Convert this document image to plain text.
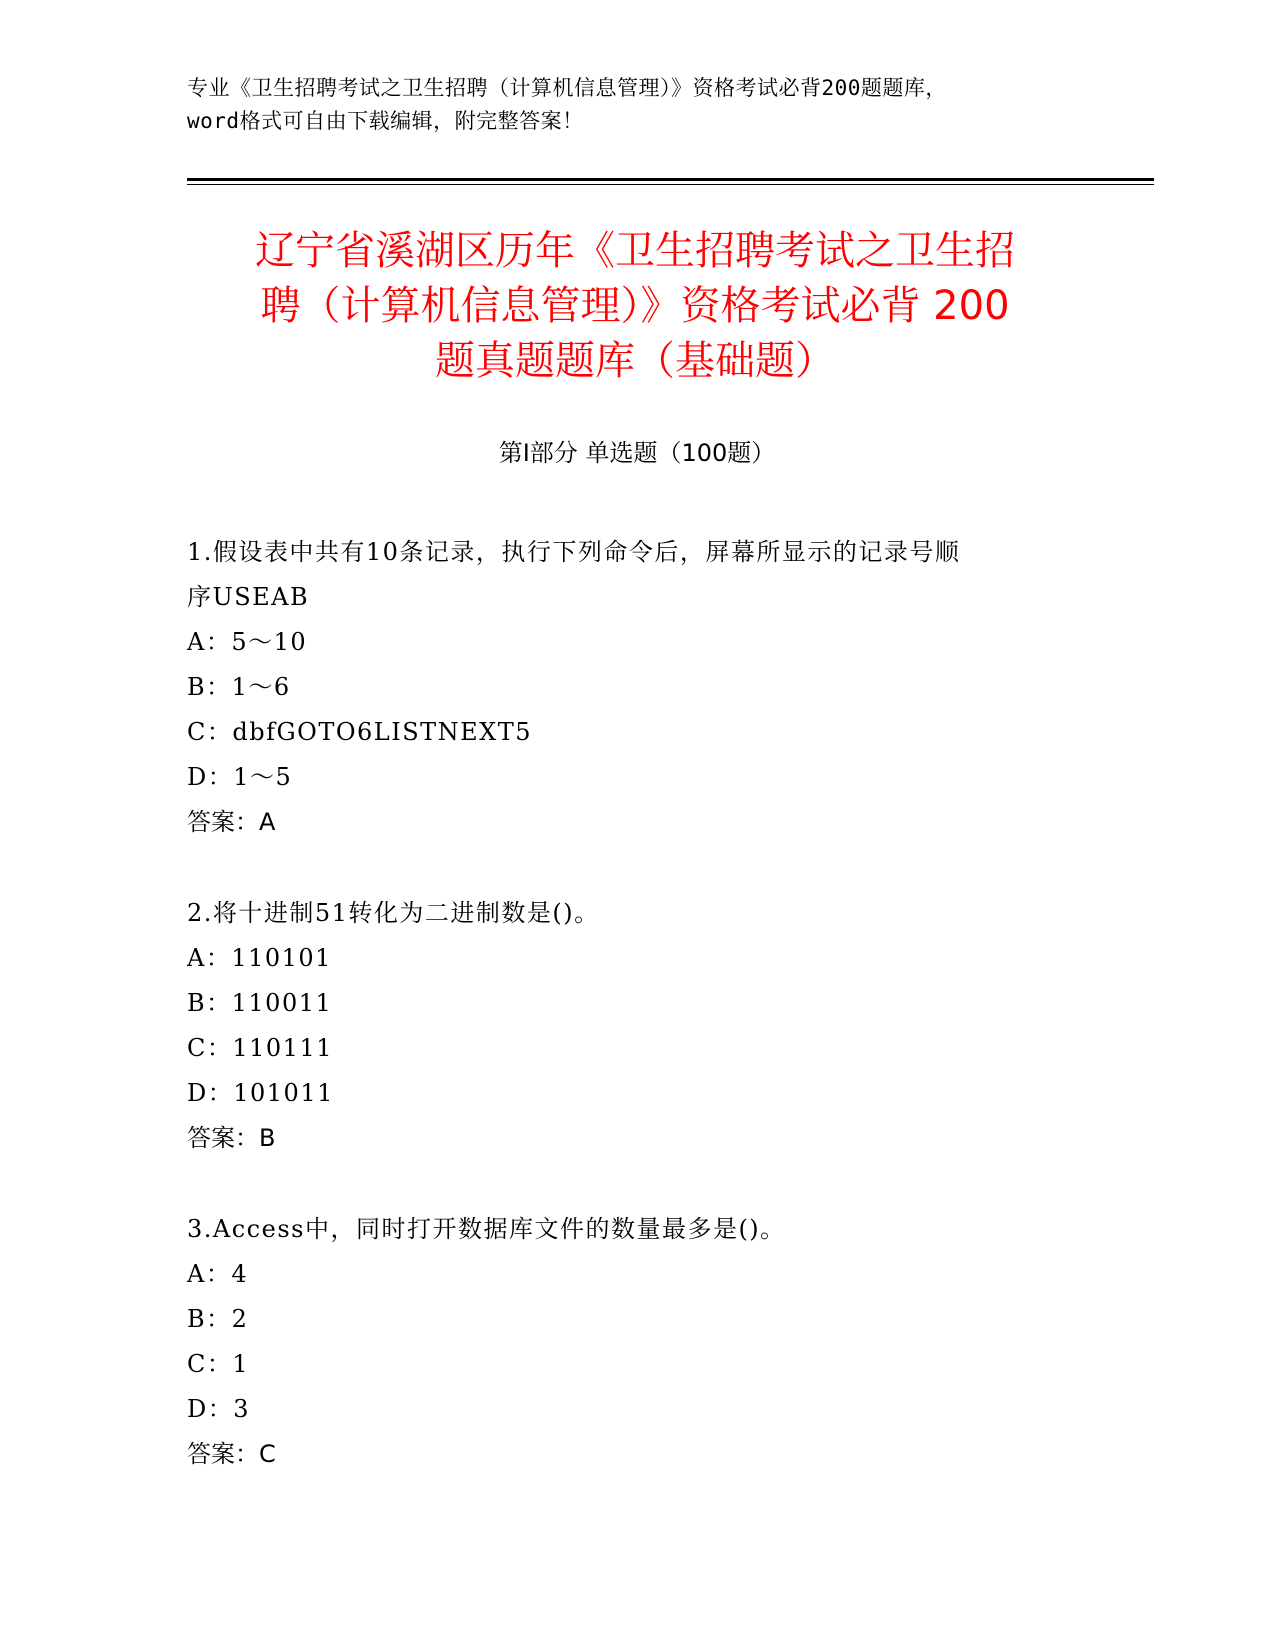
专业《卫生招聘考试之卫生招聘（计算机信息管理）》资格考试必背200题题库，
word格式可自由下载编辑，附完整答案！
辽宁省溪湖区历年《卫生招聘考试之卫生招
聘（计算机信息管理）》资格考试必背 200
题真题题库（基础题）
第Ⅰ部分 单选题（100题）
1.假设表中共有10条记录，执行下列命令后，屏幕所显示的记录号顺
序USEAB
A：5～10
B：1～6
C：dbfGOTO6LISTNEXT5
D：1～5
答案：A
2.将十进制51转化为二进制数是()。
A：110101
B：110011
C：110111
D：101011
答案：B
3.Access中，同时打开数据库文件的数量最多是()。
A：4
B：2
C：1
D：3
答案：C
